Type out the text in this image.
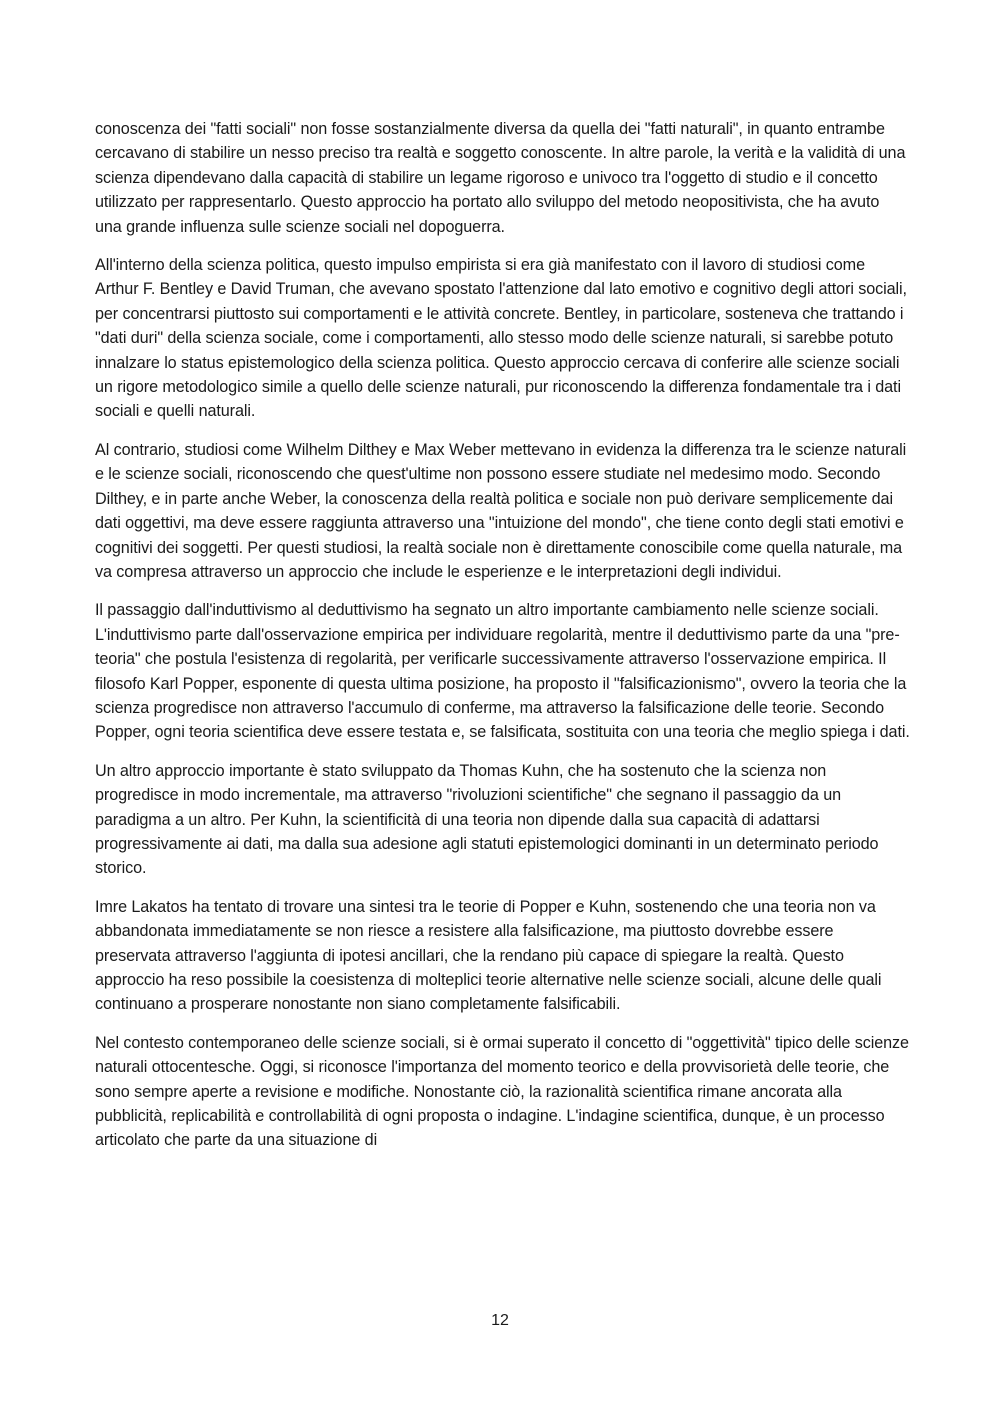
conoscenza dei "fatti sociali" non fosse sostanzialmente diversa da quella dei "fatti naturali", in quanto entrambe cercavano di stabilire un nesso preciso tra realtà e soggetto conoscente. In altre parole, la verità e la validità di una scienza dipendevano dalla capacità di stabilire un legame rigoroso e univoco tra l'oggetto di studio e il concetto utilizzato per rappresentarlo. Questo approccio ha portato allo sviluppo del metodo neopositivista, che ha avuto una grande influenza sulle scienze sociali nel dopoguerra.

All'interno della scienza politica, questo impulso empirista si era già manifestato con il lavoro di studiosi come Arthur F. Bentley e David Truman, che avevano spostato l'attenzione dal lato emotivo e cognitivo degli attori sociali, per concentrarsi piuttosto sui comportamenti e le attività concrete. Bentley, in particolare, sosteneva che trattando i "dati duri" della scienza sociale, come i comportamenti, allo stesso modo delle scienze naturali, si sarebbe potuto innalzare lo status epistemologico della scienza politica. Questo approccio cercava di conferire alle scienze sociali un rigore metodologico simile a quello delle scienze naturali, pur riconoscendo la differenza fondamentale tra i dati sociali e quelli naturali.

Al contrario, studiosi come Wilhelm Dilthey e Max Weber mettevano in evidenza la differenza tra le scienze naturali e le scienze sociali, riconoscendo che quest'ultime non possono essere studiate nel medesimo modo. Secondo Dilthey, e in parte anche Weber, la conoscenza della realtà politica e sociale non può derivare semplicemente dai dati oggettivi, ma deve essere raggiunta attraverso una "intuizione del mondo", che tiene conto degli stati emotivi e cognitivi dei soggetti. Per questi studiosi, la realtà sociale non è direttamente conoscibile come quella naturale, ma va compresa attraverso un approccio che include le esperienze e le interpretazioni degli individui.

Il passaggio dall'induttivismo al deduttivismo ha segnato un altro importante cambiamento nelle scienze sociali. L'induttivismo parte dall'osservazione empirica per individuare regolarità, mentre il deduttivismo parte da una "pre-teoria" che postula l'esistenza di regolarità, per verificarle successivamente attraverso l'osservazione empirica. Il filosofo Karl Popper, esponente di questa ultima posizione, ha proposto il "falsificazionismo", ovvero la teoria che la scienza progredisce non attraverso l'accumulo di conferme, ma attraverso la falsificazione delle teorie. Secondo Popper, ogni teoria scientifica deve essere testata e, se falsificata, sostituita con una teoria che meglio spiega i dati.

Un altro approccio importante è stato sviluppato da Thomas Kuhn, che ha sostenuto che la scienza non progredisce in modo incrementale, ma attraverso "rivoluzioni scientifiche" che segnano il passaggio da un paradigma a un altro. Per Kuhn, la scientificità di una teoria non dipende dalla sua capacità di adattarsi progressivamente ai dati, ma dalla sua adesione agli statuti epistemologici dominanti in un determinato periodo storico.

Imre Lakatos ha tentato di trovare una sintesi tra le teorie di Popper e Kuhn, sostenendo che una teoria non va abbandonata immediatamente se non riesce a resistere alla falsificazione, ma piuttosto dovrebbe essere preservata attraverso l'aggiunta di ipotesi ancillari, che la rendano più capace di spiegare la realtà. Questo approccio ha reso possibile la coesistenza di molteplici teorie alternative nelle scienze sociali, alcune delle quali continuano a prosperare nonostante non siano completamente falsificabili.

Nel contesto contemporaneo delle scienze sociali, si è ormai superato il concetto di "oggettività" tipico delle scienze naturali ottocentesche. Oggi, si riconosce l'importanza del momento teorico e della provvisorietà delle teorie, che sono sempre aperte a revisione e modifiche. Nonostante ciò, la razionalità scientifica rimane ancorata alla pubblicità, replicabilità e controllabilità di ogni proposta o indagine. L'indagine scientifica, dunque, è un processo articolato che parte da una situazione di

12
